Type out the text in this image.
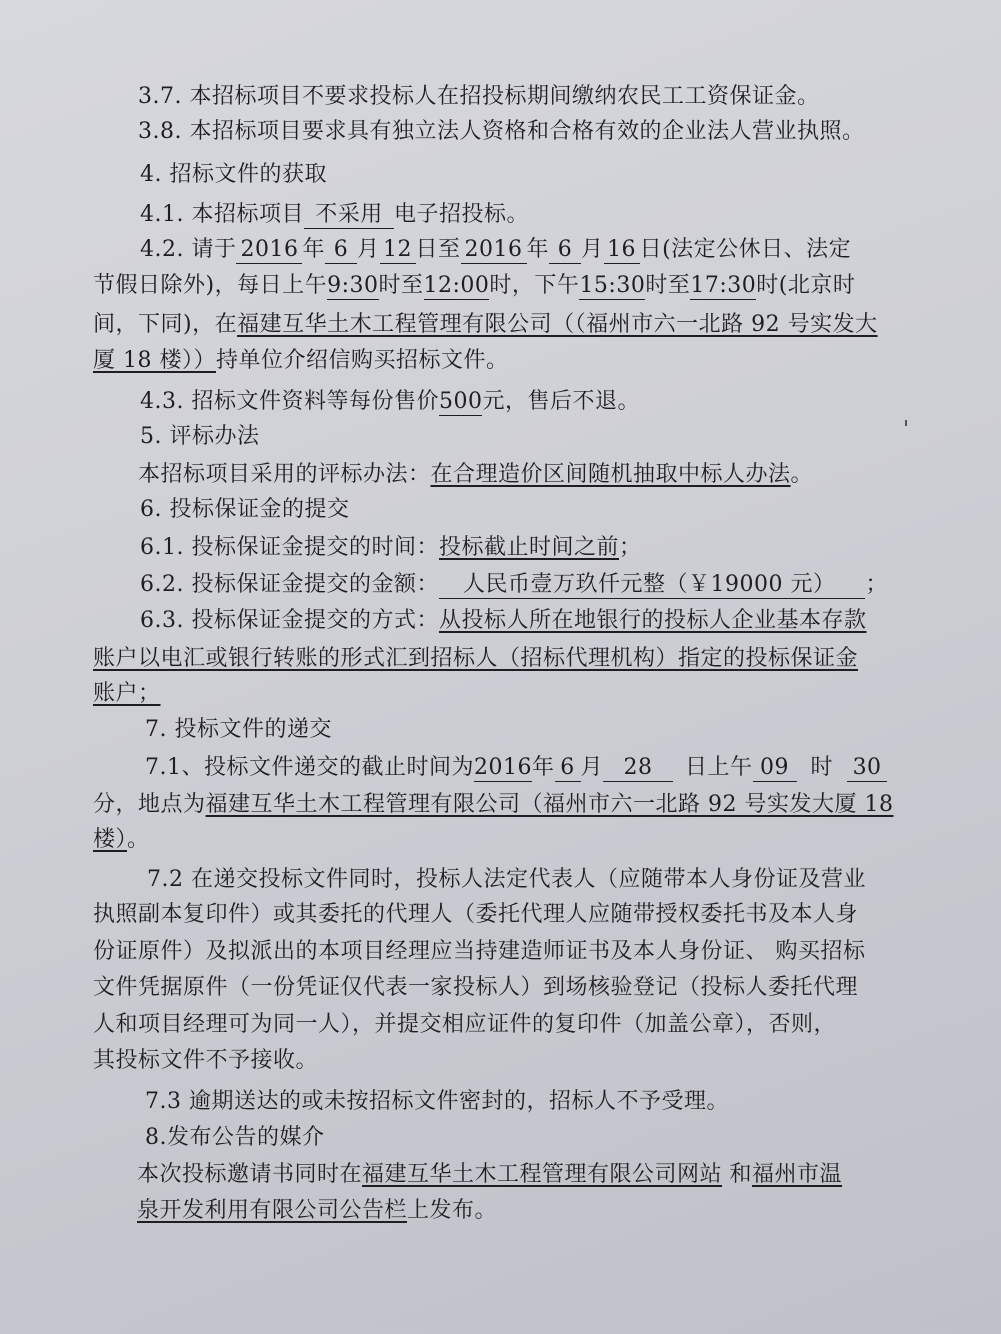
3.7. 本招标项目不要求投标人在招投标期间缴纳农民工工资保证金。
3.8. 本招标项目要求具有独立法人资格和合格有效的企业法人营业执照。
4. 招标文件的获取
4.1. 本招标项目 不采用 电子招投标。
4.2. 请于 2016 年 6 月 12 日至 2016 年 6 月 16 日(法定公休日、法定
节假日除外)，每日上午9:30时至12:00时，下午15:30时至17:30时(北京时
间，下同)，在福建互华土木工程管理有限公司（（福州市六一北路 92 号实发大
厦 18 楼））持单位介绍信购买招标文件。
4.3. 招标文件资料等每份售价500元，售后不退。
5. 评标办法
本招标项目采用的评标办法：在合理造价区间随机抽取中标人办法。
6. 投标保证金的提交
6.1. 投标保证金提交的时间：投标截止时间之前；
6.2. 投标保证金提交的金额： 人民币壹万玖仟元整（￥19000 元） ；
6.3. 投标保证金提交的方式：从投标人所在地银行的投标人企业基本存款
账户以电汇或银行转账的形式汇到招标人（招标代理机构）指定的投标保证金
账户；
7. 投标文件的递交
7.1、投标文件递交的截止时间为2016年 6 月 28 日上午 09 时 30
分，地点为福建互华土木工程管理有限公司（福州市六一北路 92 号实发大厦 18
楼）。
7.2 在递交投标文件同时，投标人法定代表人（应随带本人身份证及营业
执照副本复印件）或其委托的代理人（委托代理人应随带授权委托书及本人身
份证原件）及拟派出的本项目经理应当持建造师证书及本人身份证、 购买招标
文件凭据原件（一份凭证仅代表一家投标人）到场核验登记（投标人委托代理
人和项目经理可为同一人），并提交相应证件的复印件（加盖公章），否则，
其投标文件不予接收。
7.3 逾期送达的或未按招标文件密封的，招标人不予受理。
8.发布公告的媒介
本次投标邀请书同时在福建互华土木工程管理有限公司网站 和福州市温
泉开发利用有限公司公告栏上发布。
